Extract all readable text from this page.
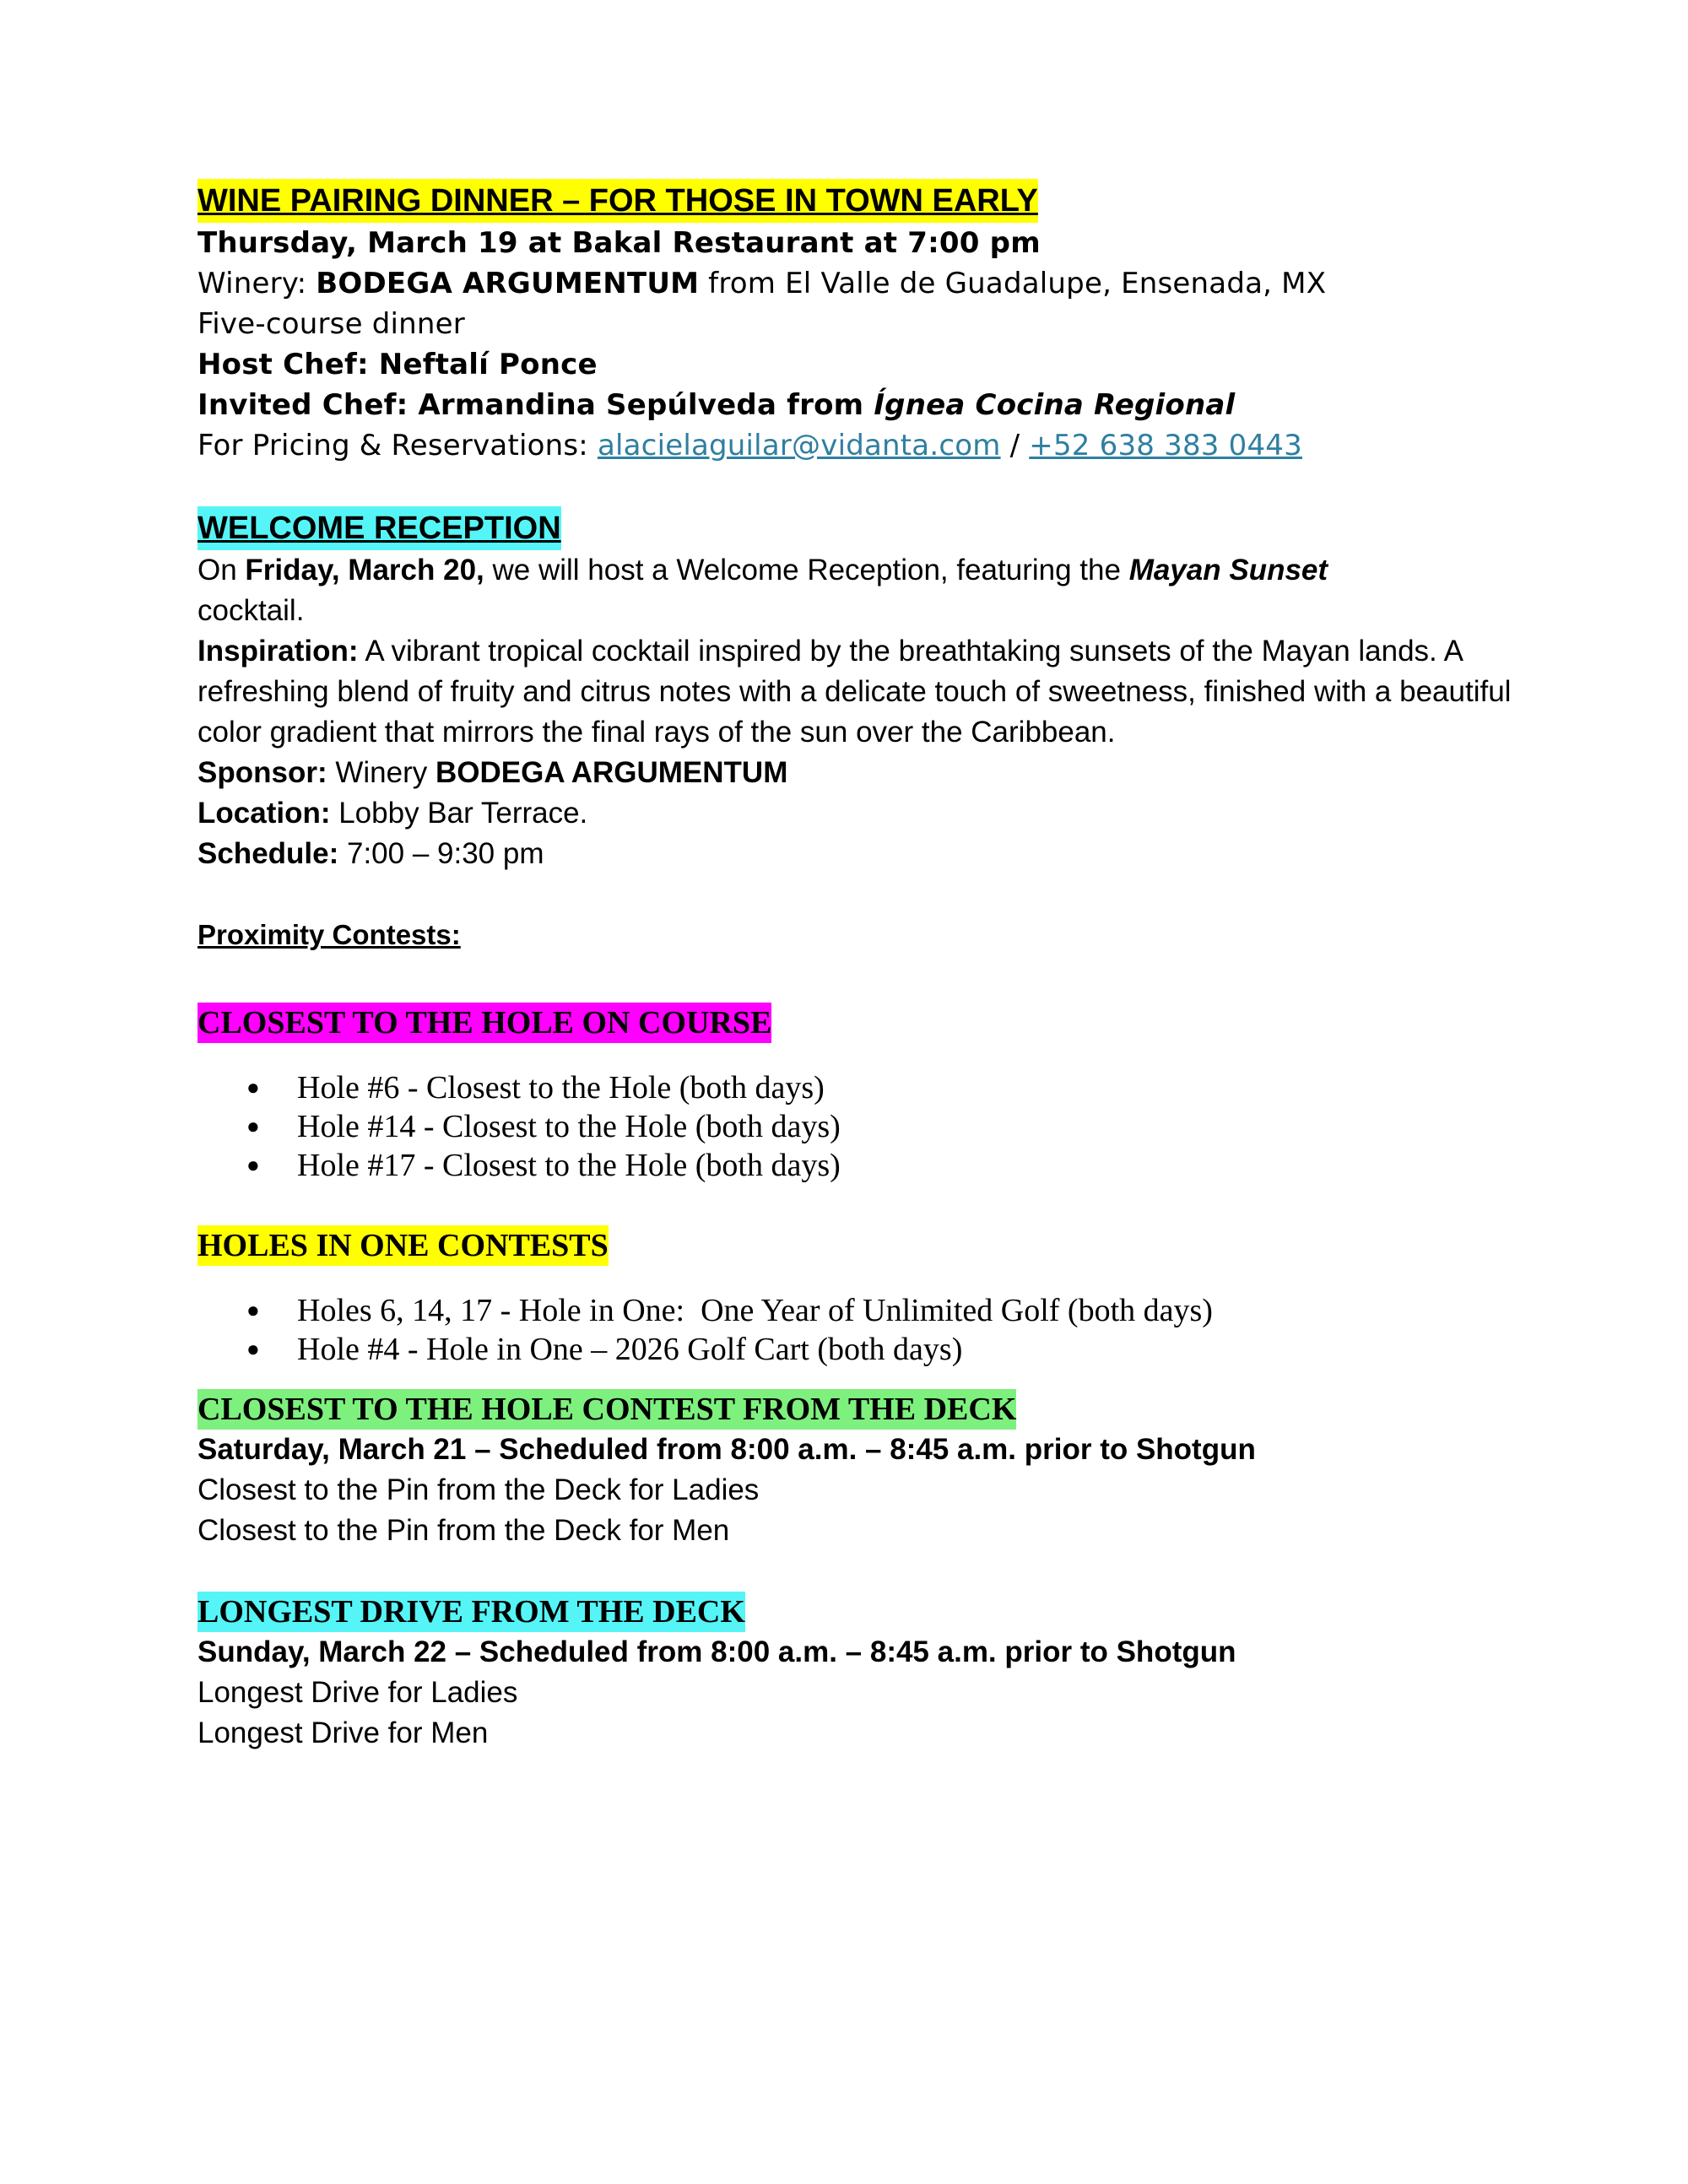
WINE PAIRING DINNER – FOR THOSE IN TOWN EARLY
Thursday, March 19 at Bakal Restaurant at 7:00 pm
Winery: BODEGA ARGUMENTUM from El Valle de Guadalupe, Ensenada, MX
Five-course dinner
Host Chef: Neftalí Ponce
Invited Chef: Armandina Sepúlveda from Ígnea Cocina Regional
For Pricing & Reservations: alacielaguilar@vidanta.com / +52 638 383 0443
WELCOME RECEPTION
On Friday, March 20, we will host a Welcome Reception, featuring the Mayan Sunset
cocktail.
Inspiration: A vibrant tropical cocktail inspired by the breathtaking sunsets of the Mayan lands. A refreshing blend of fruity and citrus notes with a delicate touch of sweetness, finished with a beautiful color gradient that mirrors the final rays of the sun over the Caribbean.
Sponsor: Winery BODEGA ARGUMENTUM
Location: Lobby Bar Terrace.
Schedule: 7:00 – 9:30 pm
Proximity Contests:
CLOSEST TO THE HOLE ON COURSE
● Hole #6 - Closest to the Hole (both days)
● Hole #14 - Closest to the Hole (both days)
● Hole #17 - Closest to the Hole (both days)
HOLES IN ONE CONTESTS
● Holes 6, 14, 17 - Hole in One:  One Year of Unlimited Golf (both days)
● Hole #4 - Hole in One – 2026 Golf Cart (both days)
CLOSEST TO THE HOLE CONTEST FROM THE DECK
Saturday, March 21 – Scheduled from 8:00 a.m. – 8:45 a.m. prior to Shotgun
Closest to the Pin from the Deck for Ladies
Closest to the Pin from the Deck for Men
LONGEST DRIVE FROM THE DECK
Sunday, March 22 – Scheduled from 8:00 a.m. – 8:45 a.m. prior to Shotgun
Longest Drive for Ladies
Longest Drive for Men
